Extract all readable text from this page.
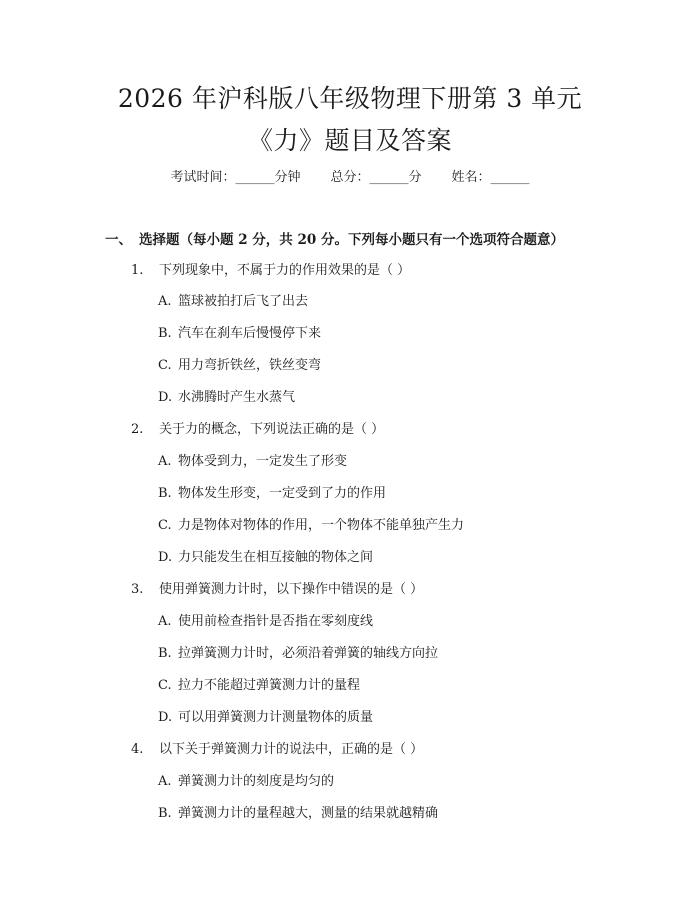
2026 年沪科版八年级物理下册第 3 单元
《力》题目及答案
考试时间：______分钟 总分：______分 姓名：______
一、 选择题（每小题 2 分，共 20 分。下列每小题只有一个选项符合题意）
1. 下列现象中，不属于力的作用效果的是（ ）
A. 篮球被拍打后飞了出去
B. 汽车在刹车后慢慢停下来
C. 用力弯折铁丝，铁丝变弯
D. 水沸腾时产生水蒸气
2. 关于力的概念，下列说法正确的是（ ）
A. 物体受到力，一定发生了形变
B. 物体发生形变，一定受到了力的作用
C. 力是物体对物体的作用，一个物体不能单独产生力
D. 力只能发生在相互接触的物体之间
3. 使用弹簧测力计时，以下操作中错误的是（ ）
A. 使用前检查指针是否指在零刻度线
B. 拉弹簧测力计时，必须沿着弹簧的轴线方向拉
C. 拉力不能超过弹簧测力计的量程
D. 可以用弹簧测力计测量物体的质量
4. 以下关于弹簧测力计的说法中，正确的是（ ）
A. 弹簧测力计的刻度是均匀的
B. 弹簧测力计的量程越大，测量的结果就越精确
